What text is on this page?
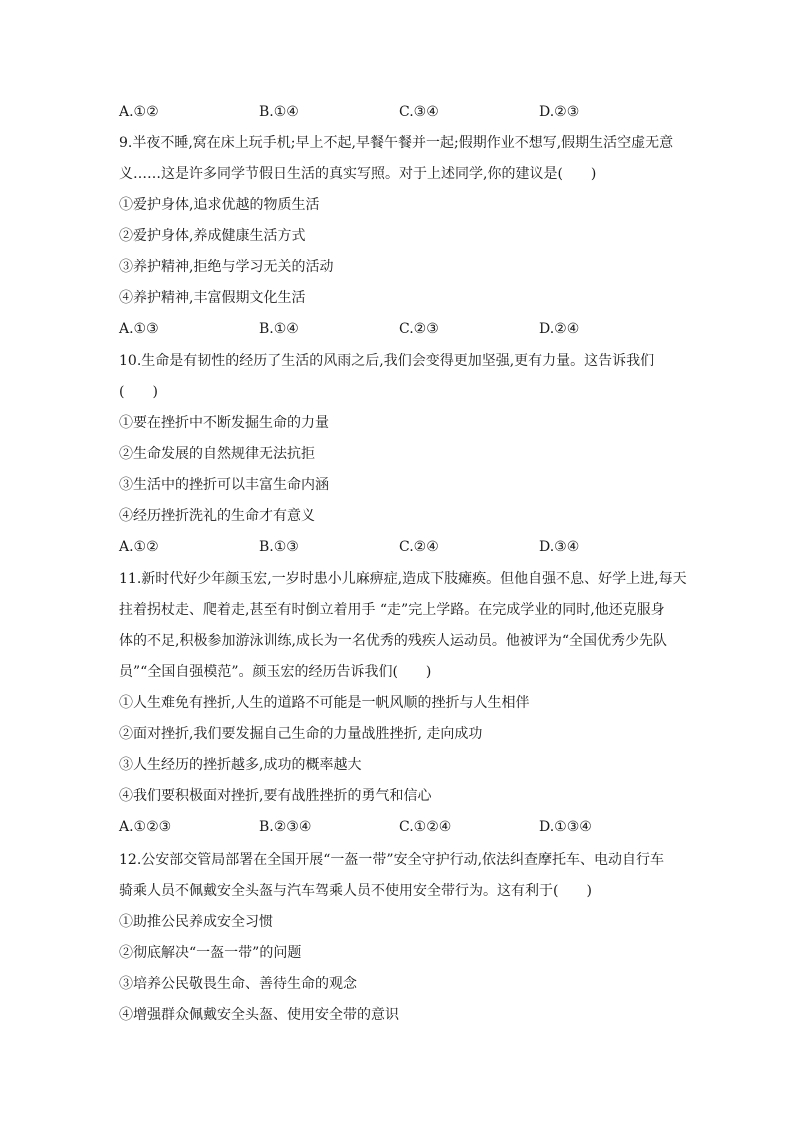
A.①②	B.①④	C.③④	D.②③
9.半夜不睡,窝在床上玩手机;早上不起,早餐午餐并一起;假期作业不想写,假期生活空虚无意
义……这是许多同学节假日生活的真实写照。对于上述同学,你的建议是(　　)
①爱护身体,追求优越的物质生活
②爱护身体,养成健康生活方式
③养护精神,拒绝与学习无关的活动
④养护精神,丰富假期文化生活
A.①③	B.①④	C.②③	D.②④
10.生命是有韧性的经历了生活的风雨之后,我们会变得更加坚强,更有力量。这告诉我们
(　　)
①要在挫折中不断发掘生命的力量
②生命发展的自然规律无法抗拒
③生活中的挫折可以丰富生命内涵
④经历挫折洗礼的生命才有意义
A.①②	B.①③	C.②④	D.③④
11.新时代好少年颜玉宏,一岁时患小儿麻痹症,造成下肢瘫痪。但他自强不息、好学上进,每天
拄着拐杖走、爬着走,甚至有时倒立着用手 “走”完上学路。在完成学业的同时,他还克服身
体的不足,积极参加游泳训练,成长为一名优秀的残疾人运动员。他被评为“全国优秀少先队
员”“全国自强模范”。颜玉宏的经历告诉我们(　　)
①人生难免有挫折,人生的道路不可能是一帆风顺的挫折与人生相伴
②面对挫折,我们要发掘自己生命的力量战胜挫折, 走向成功
③人生经历的挫折越多,成功的概率越大
④我们要积极面对挫折,要有战胜挫折的勇气和信心
A.①②③	B.②③④	C.①②④	D.①③④
12.公安部交管局部署在全国开展“一盔一带”安全守护行动,依法纠查摩托车、电动自行车
骑乘人员不佩戴安全头盔与汽车驾乘人员不使用安全带行为。这有利于(　　)
①助推公民养成安全习惯
②彻底解决“一盔一带”的问题
③培养公民敬畏生命、善待生命的观念
④增强群众佩戴安全头盔、使用安全带的意识
